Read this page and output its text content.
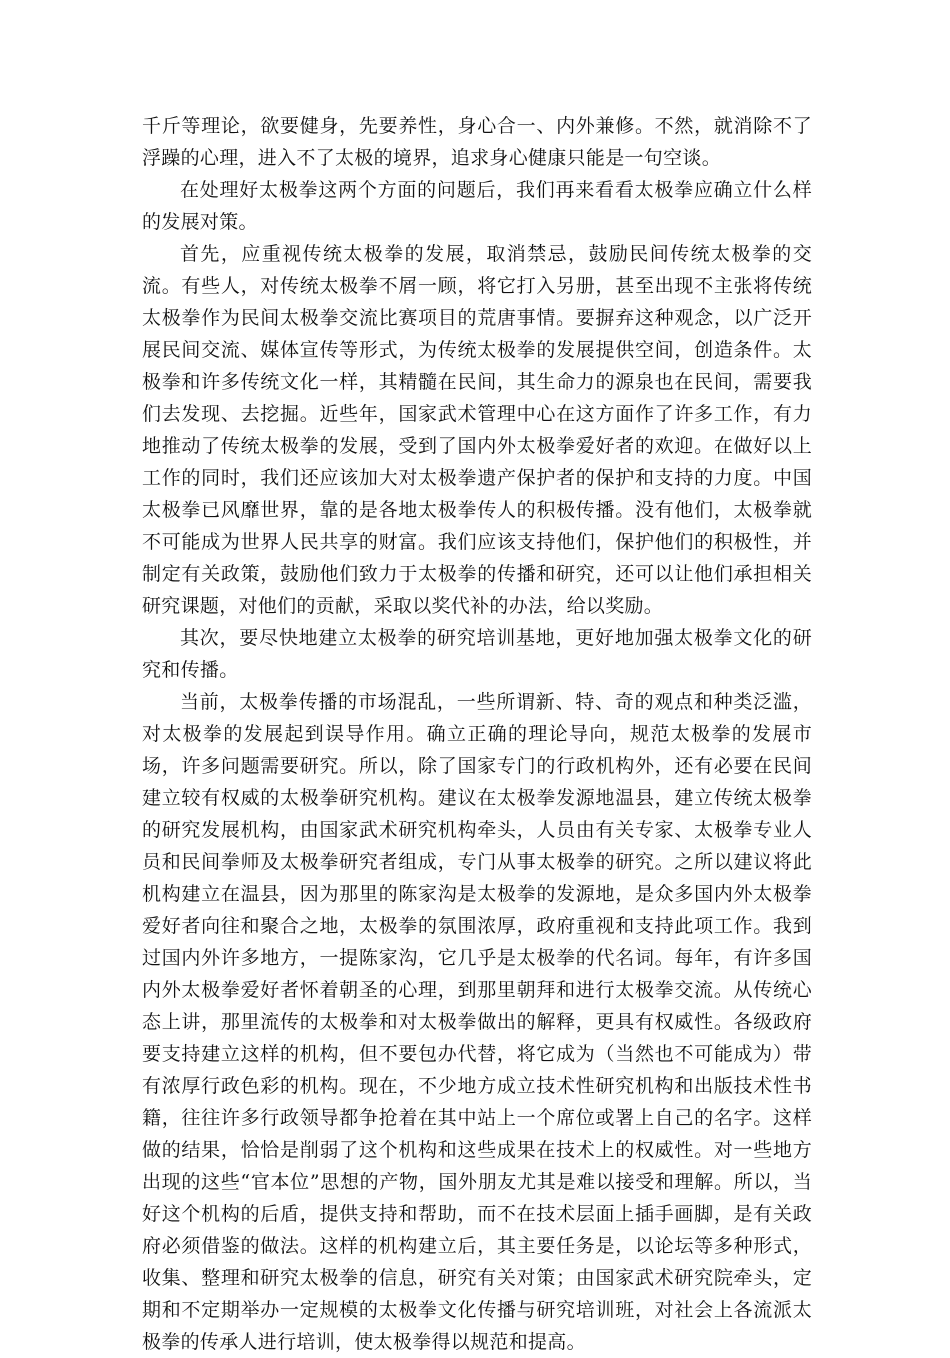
千斤等理论，欲要健身，先要养性，身心合一、内外兼修。不然，就消除不了浮躁的心理，进入不了太极的境界，追求身心健康只能是一句空谈。

在处理好太极拳这两个方面的问题后，我们再来看看太极拳应确立什么样的发展对策。

首先，应重视传统太极拳的发展，取消禁忌，鼓励民间传统太极拳的交流。有些人，对传统太极拳不屑一顾，将它打入另册，甚至出现不主张将传统太极拳作为民间太极拳交流比赛项目的荒唐事情。要摒弃这种观念，以广泛开展民间交流、媒体宣传等形式，为传统太极拳的发展提供空间，创造条件。太极拳和许多传统文化一样，其精髓在民间，其生命力的源泉也在民间，需要我们去发现、去挖掘。近些年，国家武术管理中心在这方面作了许多工作，有力地推动了传统太极拳的发展，受到了国内外太极拳爱好者的欢迎。在做好以上工作的同时，我们还应该加大对太极拳遗产保护者的保护和支持的力度。中国太极拳已风靡世界，靠的是各地太极拳传人的积极传播。没有他们，太极拳就不可能成为世界人民共享的财富。我们应该支持他们，保护他们的积极性，并制定有关政策，鼓励他们致力于太极拳的传播和研究，还可以让他们承担相关研究课题，对他们的贡献，采取以奖代补的办法，给以奖励。

其次，要尽快地建立太极拳的研究培训基地，更好地加强太极拳文化的研究和传播。

当前，太极拳传播的市场混乱，一些所谓新、特、奇的观点和种类泛滥，对太极拳的发展起到误导作用。确立正确的理论导向，规范太极拳的发展市场，许多问题需要研究。所以，除了国家专门的行政机构外，还有必要在民间建立较有权威的太极拳研究机构。建议在太极拳发源地温县，建立传统太极拳的研究发展机构，由国家武术研究机构牵头，人员由有关专家、太极拳专业人员和民间拳师及太极拳研究者组成，专门从事太极拳的研究。之所以建议将此机构建立在温县，因为那里的陈家沟是太极拳的发源地，是众多国内外太极拳爱好者向往和聚合之地，太极拳的氛围浓厚，政府重视和支持此项工作。我到过国内外许多地方，一提陈家沟，它几乎是太极拳的代名词。每年，有许多国内外太极拳爱好者怀着朝圣的心理，到那里朝拜和进行太极拳交流。从传统心态上讲，那里流传的太极拳和对太极拳做出的解释，更具有权威性。各级政府要支持建立这样的机构，但不要包办代替，将它成为（当然也不可能成为）带有浓厚行政色彩的机构。现在，不少地方成立技术性研究机构和出版技术性书籍，往往许多行政领导都争抢着在其中站上一个席位或署上自己的名字。这样做的结果，恰恰是削弱了这个机构和这些成果在技术上的权威性。对一些地方出现的这些“官本位”思想的产物，国外朋友尤其是难以接受和理解。所以，当好这个机构的后盾，提供支持和帮助，而不在技术层面上插手画脚，是有关政府必须借鉴的做法。这样的机构建立后，其主要任务是，以论坛等多种形式，收集、整理和研究太极拳的信息，研究有关对策；由国家武术研究院牵头，定期和不定期举办一定规模的太极拳文化传播与研究培训班，对社会上各流派太极拳的传承人进行培训，使太极拳得以规范和提高。
